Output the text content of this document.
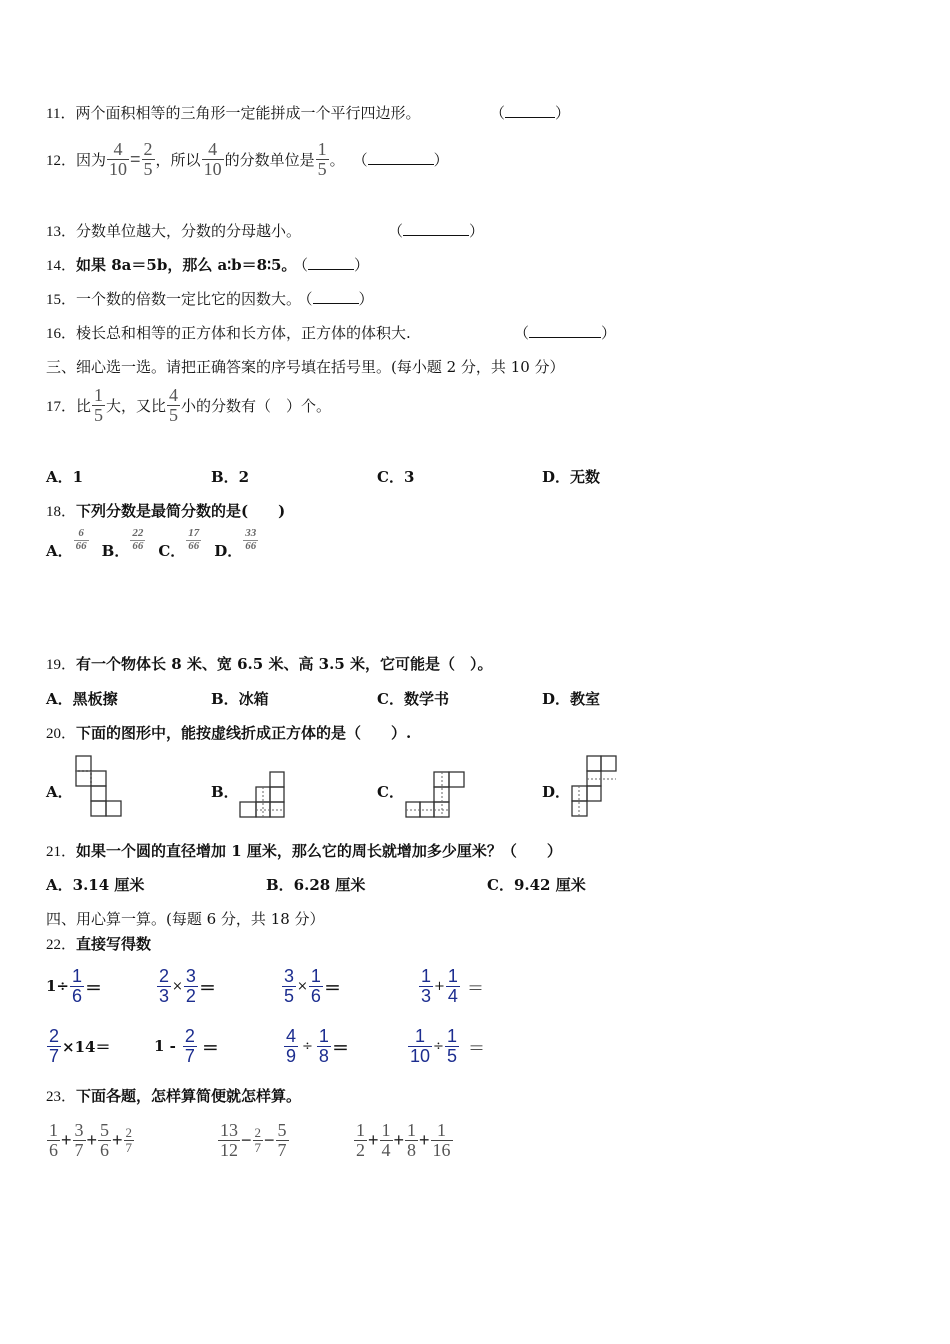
11．两个面积相等的三角形一定能拼成一个平行四边形。	（	）
12． 因为 $\frac{4}{10} = \frac{2}{5}$ ，所以 $\frac{4}{10}$ 的分数单位是 $\frac{1}{5}$ 。 （	）
13．分数单位越大，分数的分母越小。	（	）
14．如果 8a＝5b，那么 a∶b＝8∶5。 （	）
15．一个数的倍数一定比它的因数大。 （	）
16．棱长总和相等的正方体和长方体，正方体的体积大.	（	）
三、细心选一选。请把正确答案的序号填在括号里。(每小题 2 分，共 10 分）
17． 比 $\frac{1}{5}$ 大，又比 $\frac{4}{5}$ 小的分数有（　）个。
A．1	B．2	C．3	D．无数
18．下列分数是最简分数的是(　　)
A． $\frac{6}{66}$ B． $\frac{22}{66}$ C． $\frac{17}{66}$ D． $\frac{33}{66}$
19．有一个物体长 8 米、宽 6.5 米、高 3.5 米，它可能是（　）。
A．黑板擦	B．冰箱	C．数学书	D．教室
20．下面的图形中，能按虚线折成正方体的是（　　）.
A．	B．	C．	D．
21．如果一个圆的直径增加 1 厘米，那么它的周长就增加多少厘米？（　　）
A．3.14 厘米	B．6.28 厘米	C．9.42 厘米
四、用心算一算。(每题 6 分，共 18 分）
22．直接写得数
$1\div \frac{1}{6}$ ＝	$\frac{2}{3} \times \frac{3}{2}$ ＝	$\frac{3}{5} \times \frac{1}{6}$ ＝	$\frac{1}{3} + \frac{1}{4}$ ＝
$\frac{2}{7} \times 14=$	$1 - \frac{2}{7}$ ＝	$\frac{4}{9} \div \frac{1}{8}$ ＝	$\frac{1}{10} \div \frac{1}{5}$ ＝
23．下面各题，怎样算简便就怎样算。
$\frac{1}{6} + \frac{3}{7} + \frac{5}{6} + \frac{2}{7}$	$\frac{13}{12} - \frac{2}{7} - \frac{5}{7}$	$\frac{1}{2} + \frac{1}{4} + \frac{1}{8} + \frac{1}{16}$
